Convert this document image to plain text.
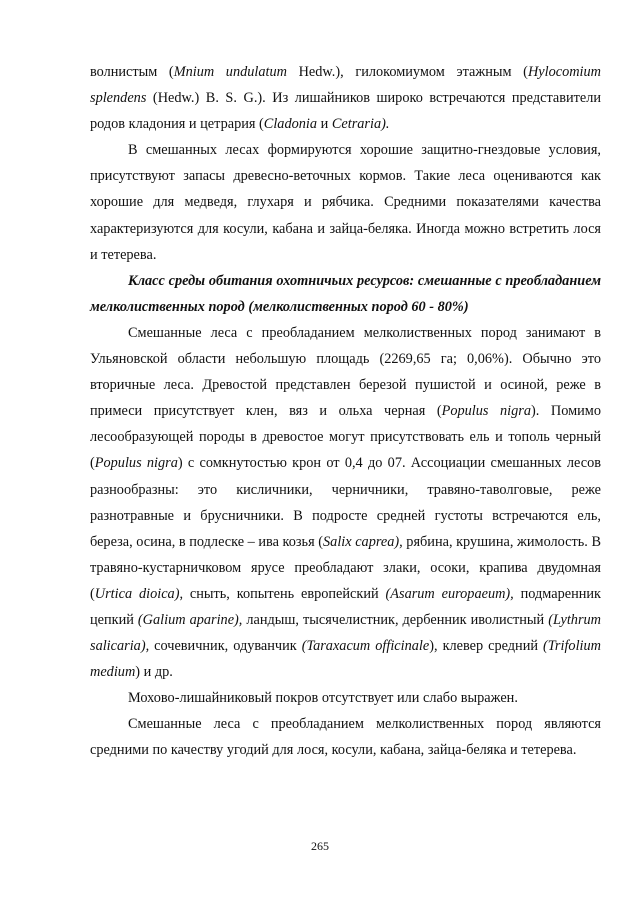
волнистым (Mnium undulatum Hedw.), гилокомиумом этажным (Hylocomium splendens (Hedw.) B. S. G.). Из лишайников широко встречаются представители родов кладония и цетрария (Cladonia и Cetraria).

В смешанных лесах формируются хорошие защитно-гнездовые условия, присутствуют запасы древесно-веточных кормов. Такие леса оцениваются как хорошие для медведя, глухаря и рябчика. Средними показателями качества характеризуются для косули, кабана и зайца-беляка. Иногда можно встретить лося и тетерева.

Класс среды обитания охотничьих ресурсов: смешанные с преобладанием мелколиственных пород (мелколиственных пород 60 - 80%)

Смешанные леса с преобладанием мелколиственных пород занимают в Ульяновской области небольшую площадь (2269,65 га; 0,06%). Обычно это вторичные леса. Древостой представлен березой пушистой и осиной, реже в примеси присутствует клен, вяз и ольха черная (Populus nigra). Помимо лесообразующей породы в древостое могут присутствовать ель и тополь черный (Populus nigra) с сомкнутостью крон от 0,4 до 07. Ассоциации смешанных лесов разнообразны: это кисличники, черничники, травяно-таволговые, реже разнотравные и брусничники. В подросте средней густоты встречаются ель, береза, осина, в подлеске – ива козья (Salix caprea), рябина, крушина, жимолость. В травяно-кустарничковом ярусе преобладают злаки, осоки, крапива двудомная (Urtica dioica), сныть, копытень европейский (Asarum europaeum), подмаренник цепкий (Galium aparine), ландыш, тысячелистник, дербенник иволистный (Lythrum salicaria), сочевичник, одуванчик (Taraxacum officinale), клевер средний (Trifolium medium) и др.

Мохово-лишайниковый покров отсутствует или слабо выражен.

Смешанные леса с преобладанием мелколиственных пород являются средними по качеству угодий для лося, косули, кабана, зайца-беляка и тетерева.

265
